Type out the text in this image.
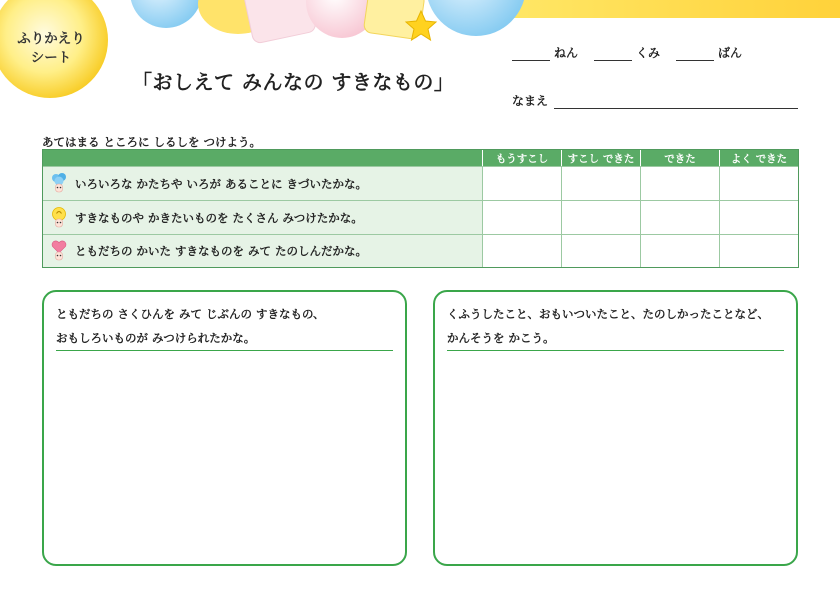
ふりかえり
シート
「おしえて みんなの すきなもの」
ねん	くみ	ばん
なまえ
あてはまる ところに しるしを つけよう。
もうすこし	すこし できた	できた	よく できた
いろいろな かたちや いろが あることに きづいたかな。
すきなものや かきたいものを たくさん みつけたかな。
ともだちの かいた すきなものを みて たのしんだかな。
ともだちの さくひんを みて じぶんの すきなもの、
おもしろいものが みつけられたかな。
くふうしたこと、おもいついたこと、たのしかったことなど、
かんそうを かこう。
